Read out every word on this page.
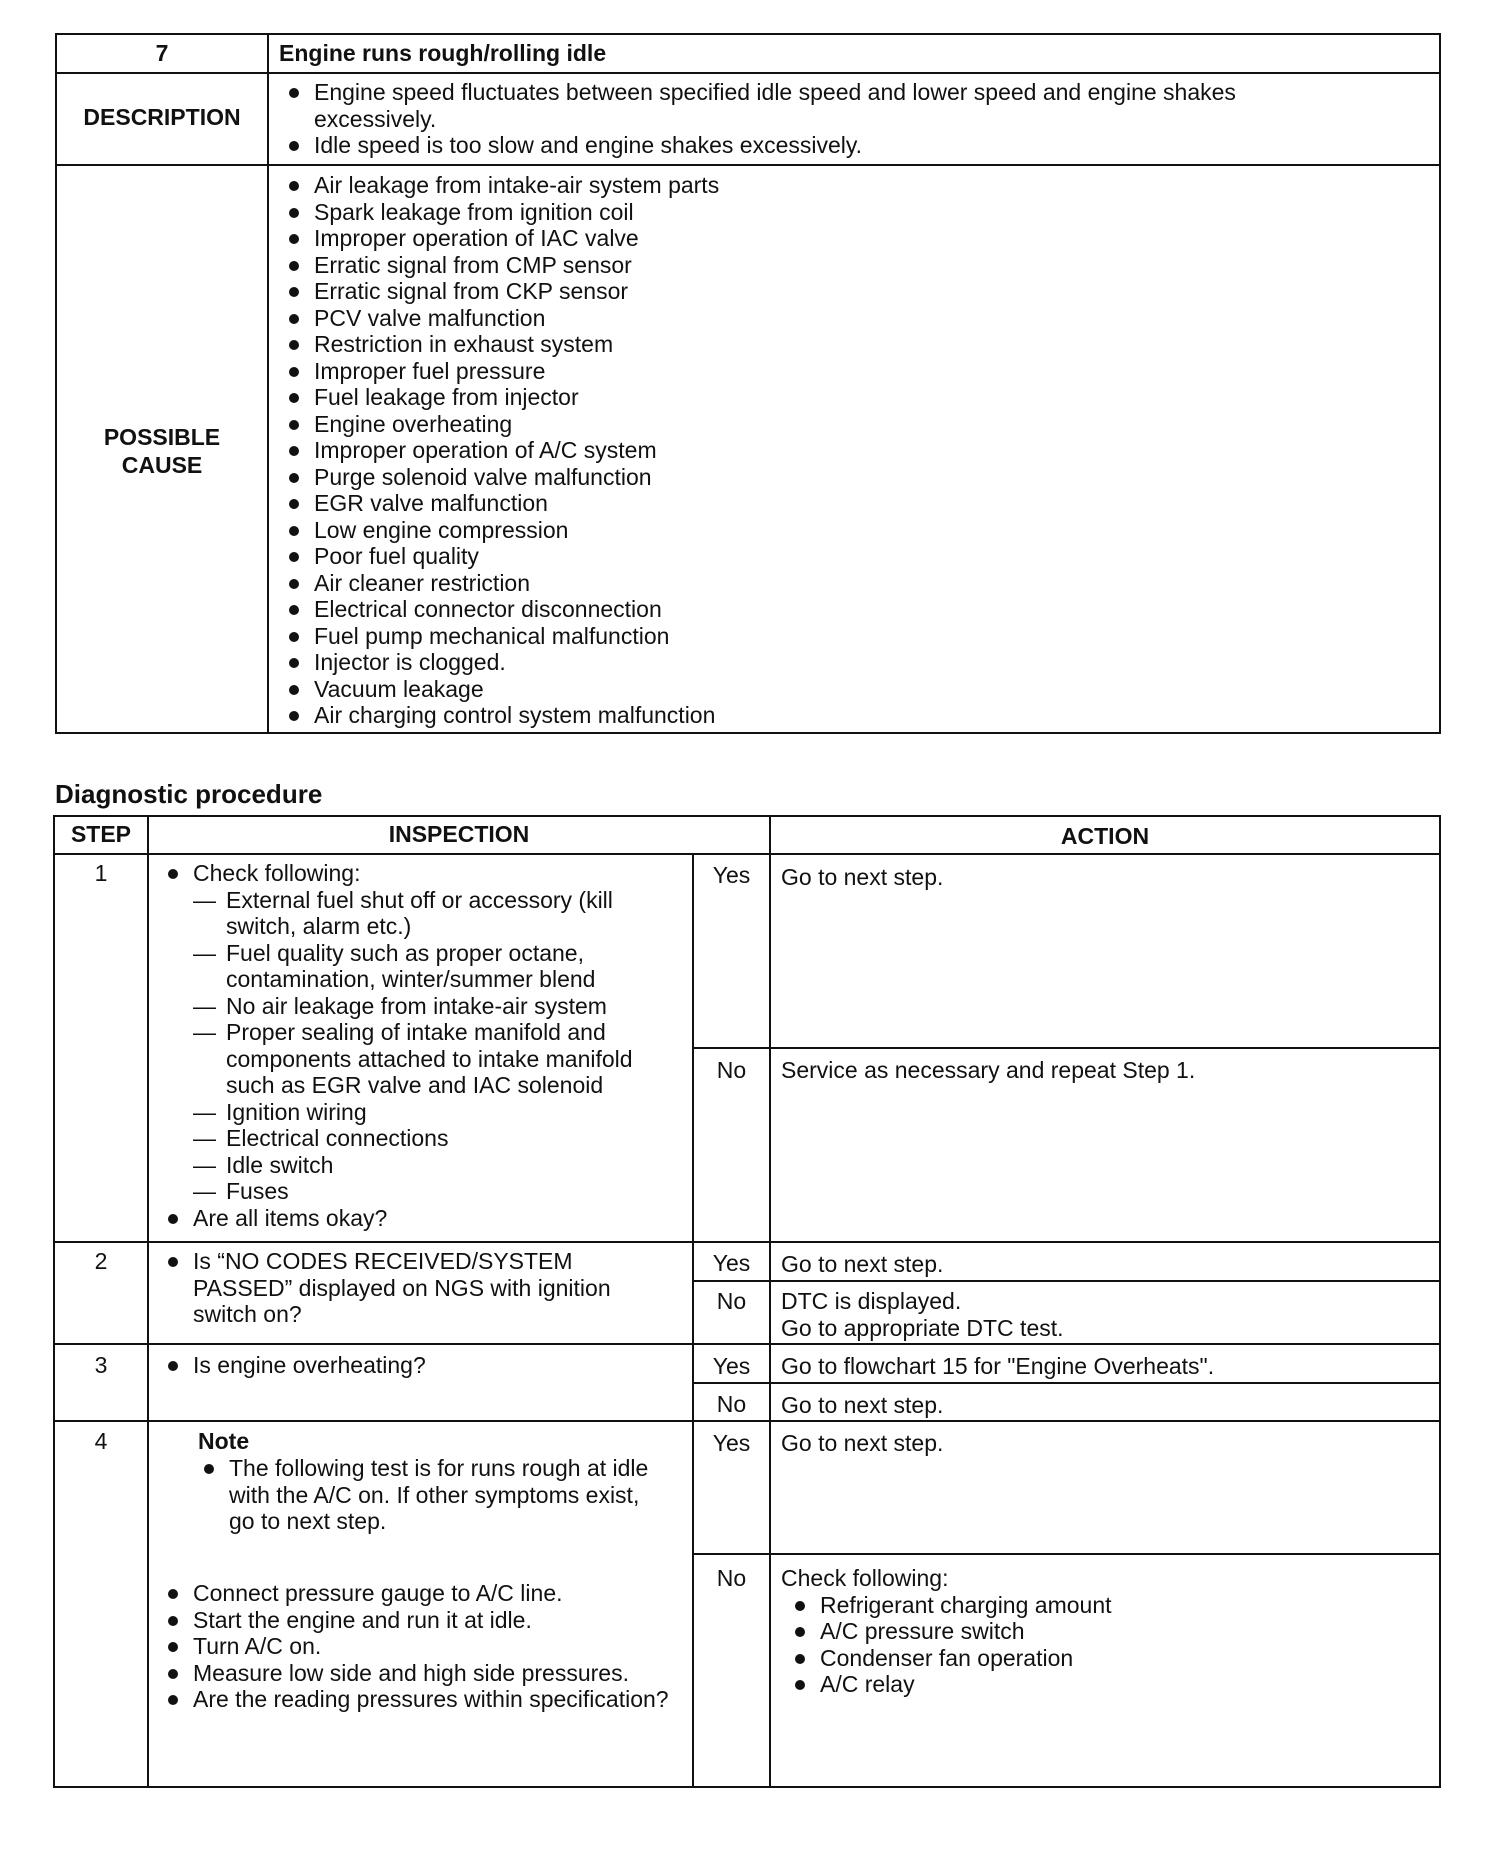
7	Engine runs rough/rolling idle
DESCRIPTION
Engine speed fluctuates between specified idle speed and lower speed and engine shakes excessively.
Idle speed is too slow and engine shakes excessively.
POSSIBLE
CAUSE
Air leakage from intake-air system parts
Spark leakage from ignition coil
Improper operation of IAC valve
Erratic signal from CMP sensor
Erratic signal from CKP sensor
PCV valve malfunction
Restriction in exhaust system
Improper fuel pressure
Fuel leakage from injector
Engine overheating
Improper operation of A/C system
Purge solenoid valve malfunction
EGR valve malfunction
Low engine compression
Poor fuel quality
Air cleaner restriction
Electrical connector disconnection
Fuel pump mechanical malfunction
Injector is clogged.
Vacuum leakage
Air charging control system malfunction
Diagnostic procedure
STEP	INSPECTION	ACTION
1	Check following:
— External fuel shut off or accessory (kill switch, alarm etc.)
— Fuel quality such as proper octane, contamination, winter/summer blend
— No air leakage from intake-air system
— Proper sealing of intake manifold and components attached to intake manifold such as EGR valve and IAC solenoid
— Ignition wiring
— Electrical connections
— Idle switch
— Fuses
Are all items okay?
Yes	Go to next step.
No	Service as necessary and repeat Step 1.
2	Is “NO CODES RECEIVED/SYSTEM PASSED” displayed on NGS with ignition switch on?
Yes	Go to next step.
No	DTC is displayed.
Go to appropriate DTC test.
3	Is engine overheating?	Yes	Go to flowchart 15 for "Engine Overheats".
No	Go to next step.
4	Note
The following test is for runs rough at idle with the A/C on. If other symptoms exist, go to next step.
Connect pressure gauge to A/C line.
Start the engine and run it at idle.
Turn A/C on.
Measure low side and high side pressures.
Are the reading pressures within specification?
Yes	Go to next step.
No	Check following:
Refrigerant charging amount
A/C pressure switch
Condenser fan operation
A/C relay
